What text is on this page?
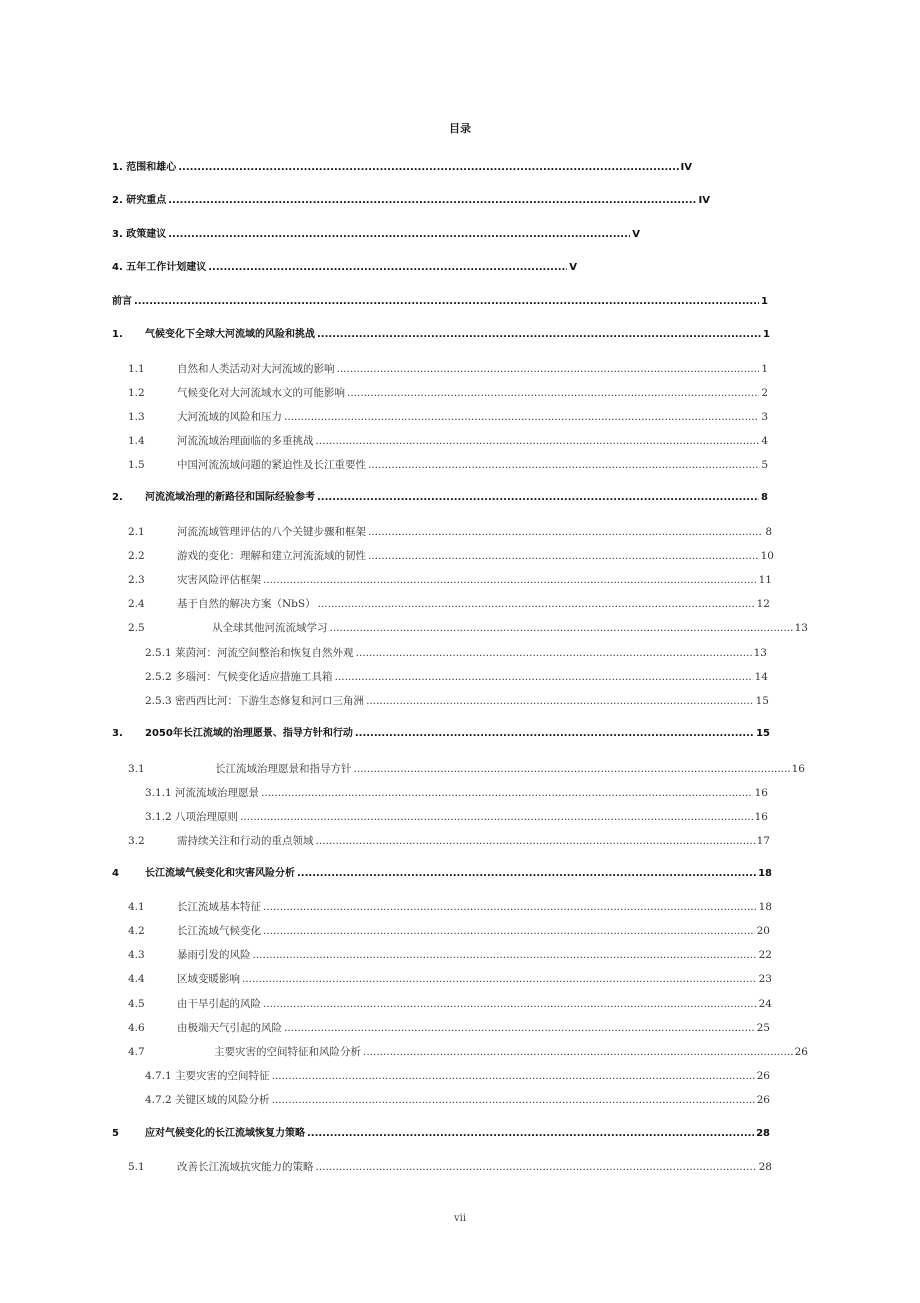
目录
1. 范围和雄心 .....	IV
2. 研究重点 .....	IV
3. 政策建议 .....	V
4. 五年工作计划建议 .....	V
前言 .....	1
1.	气候变化下全球大河流域的风险和挑战 .....	1
1.1	自然和人类活动对大河流域的影响 .....	1
1.2	气候变化对大河流域水文的可能影响 .....	2
1.3	大河流域的风险和压力 .....	3
1.4	河流流域治理面临的多重挑战 .....	4
1.5	中国河流流域问题的紧迫性及长江重要性 .....	5
2.	河流流域治理的新路径和国际经验参考 .....	8
2.1	河流流域管理评估的八个关键步骤和框架 .....	8
2.2	游戏的变化：理解和建立河流流域的韧性 .....	10
2.3	灾害风险评估框架 .....	11
2.4	基于自然的解决方案（NbS） .....	12
2.5	从全球其他河流流域学习 .....	13
2.5.1 莱茵河：河流空间整治和恢复自然外观 .....	13
2.5.2 多瑙河：气候变化适应措施工具箱 .....	14
2.5.3 密西西比河：下游生态修复和河口三角洲 .....	15
3.	2050年长江流域的治理愿景、指导方针和行动 .....	15
3.1	长江流域治理愿景和指导方针 .....	16
3.1.1 河流流域治理愿景 .....	16
3.1.2 八项治理原则 .....	16
3.2	需持续关注和行动的重点领域 .....	17
4	长江流域气候变化和灾害风险分析 .....	18
4.1	长江流域基本特征 .....	18
4.2	长江流域气候变化 .....	20
4.3	暴雨引发的风险 .....	22
4.4	区域变暖影响 .....	23
4.5	由干旱引起的风险 .....	24
4.6	由极端天气引起的风险 .....	25
4.7	主要灾害的空间特征和风险分析 .....	26
4.7.1 主要灾害的空间特征 .....	26
4.7.2 关键区域的风险分析 .....	26
5	应对气候变化的长江流域恢复力策略 .....	28
5.1	改善长江流域抗灾能力的策略 .....	28
vii
